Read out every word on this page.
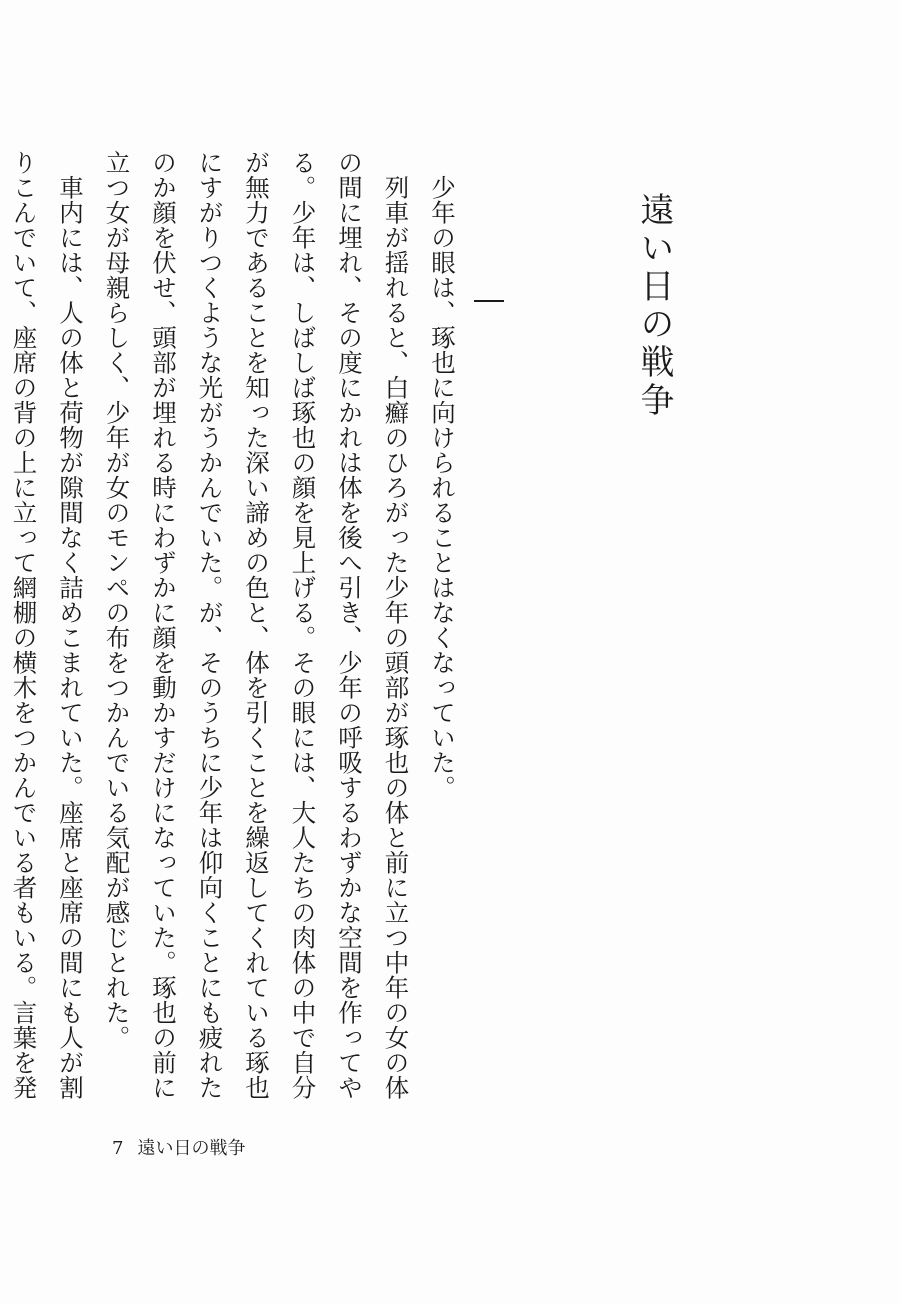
遠い日の戦争

少年の眼は、琢也に向けられることはなくなっていた。

列車が揺れると、白癬のひろがった少年の頭部が琢也の体と前に立つ中年の女の体の間に埋れ、その度にかれは体を後へ引き、少年の呼吸するわずかな空間を作ってやる。少年は、しばしば琢也の顔を見上げる。その眼には、大人たちの肉体の中で自分が無力であることを知った深い諦めの色と、体を引くことを繰返してくれている琢也にすがりつくような光がうかんでいた。が、そのうちに少年は仰向くことにも疲れたのか顔を伏せ、頭部が埋れる時にわずかに顔を動かすだけになっていた。琢也の前に立つ女が母親らしく、少年が女のモンペの布をつかんでいる気配が感じとれた。

車内には、人の体と荷物が隙間なく詰めこまれていた。座席と座席の間にも人が割りこんでいて、座席の背の上に立って網棚の横木をつかんでいる者もいる。言葉を発

7 遠い日の戦争
